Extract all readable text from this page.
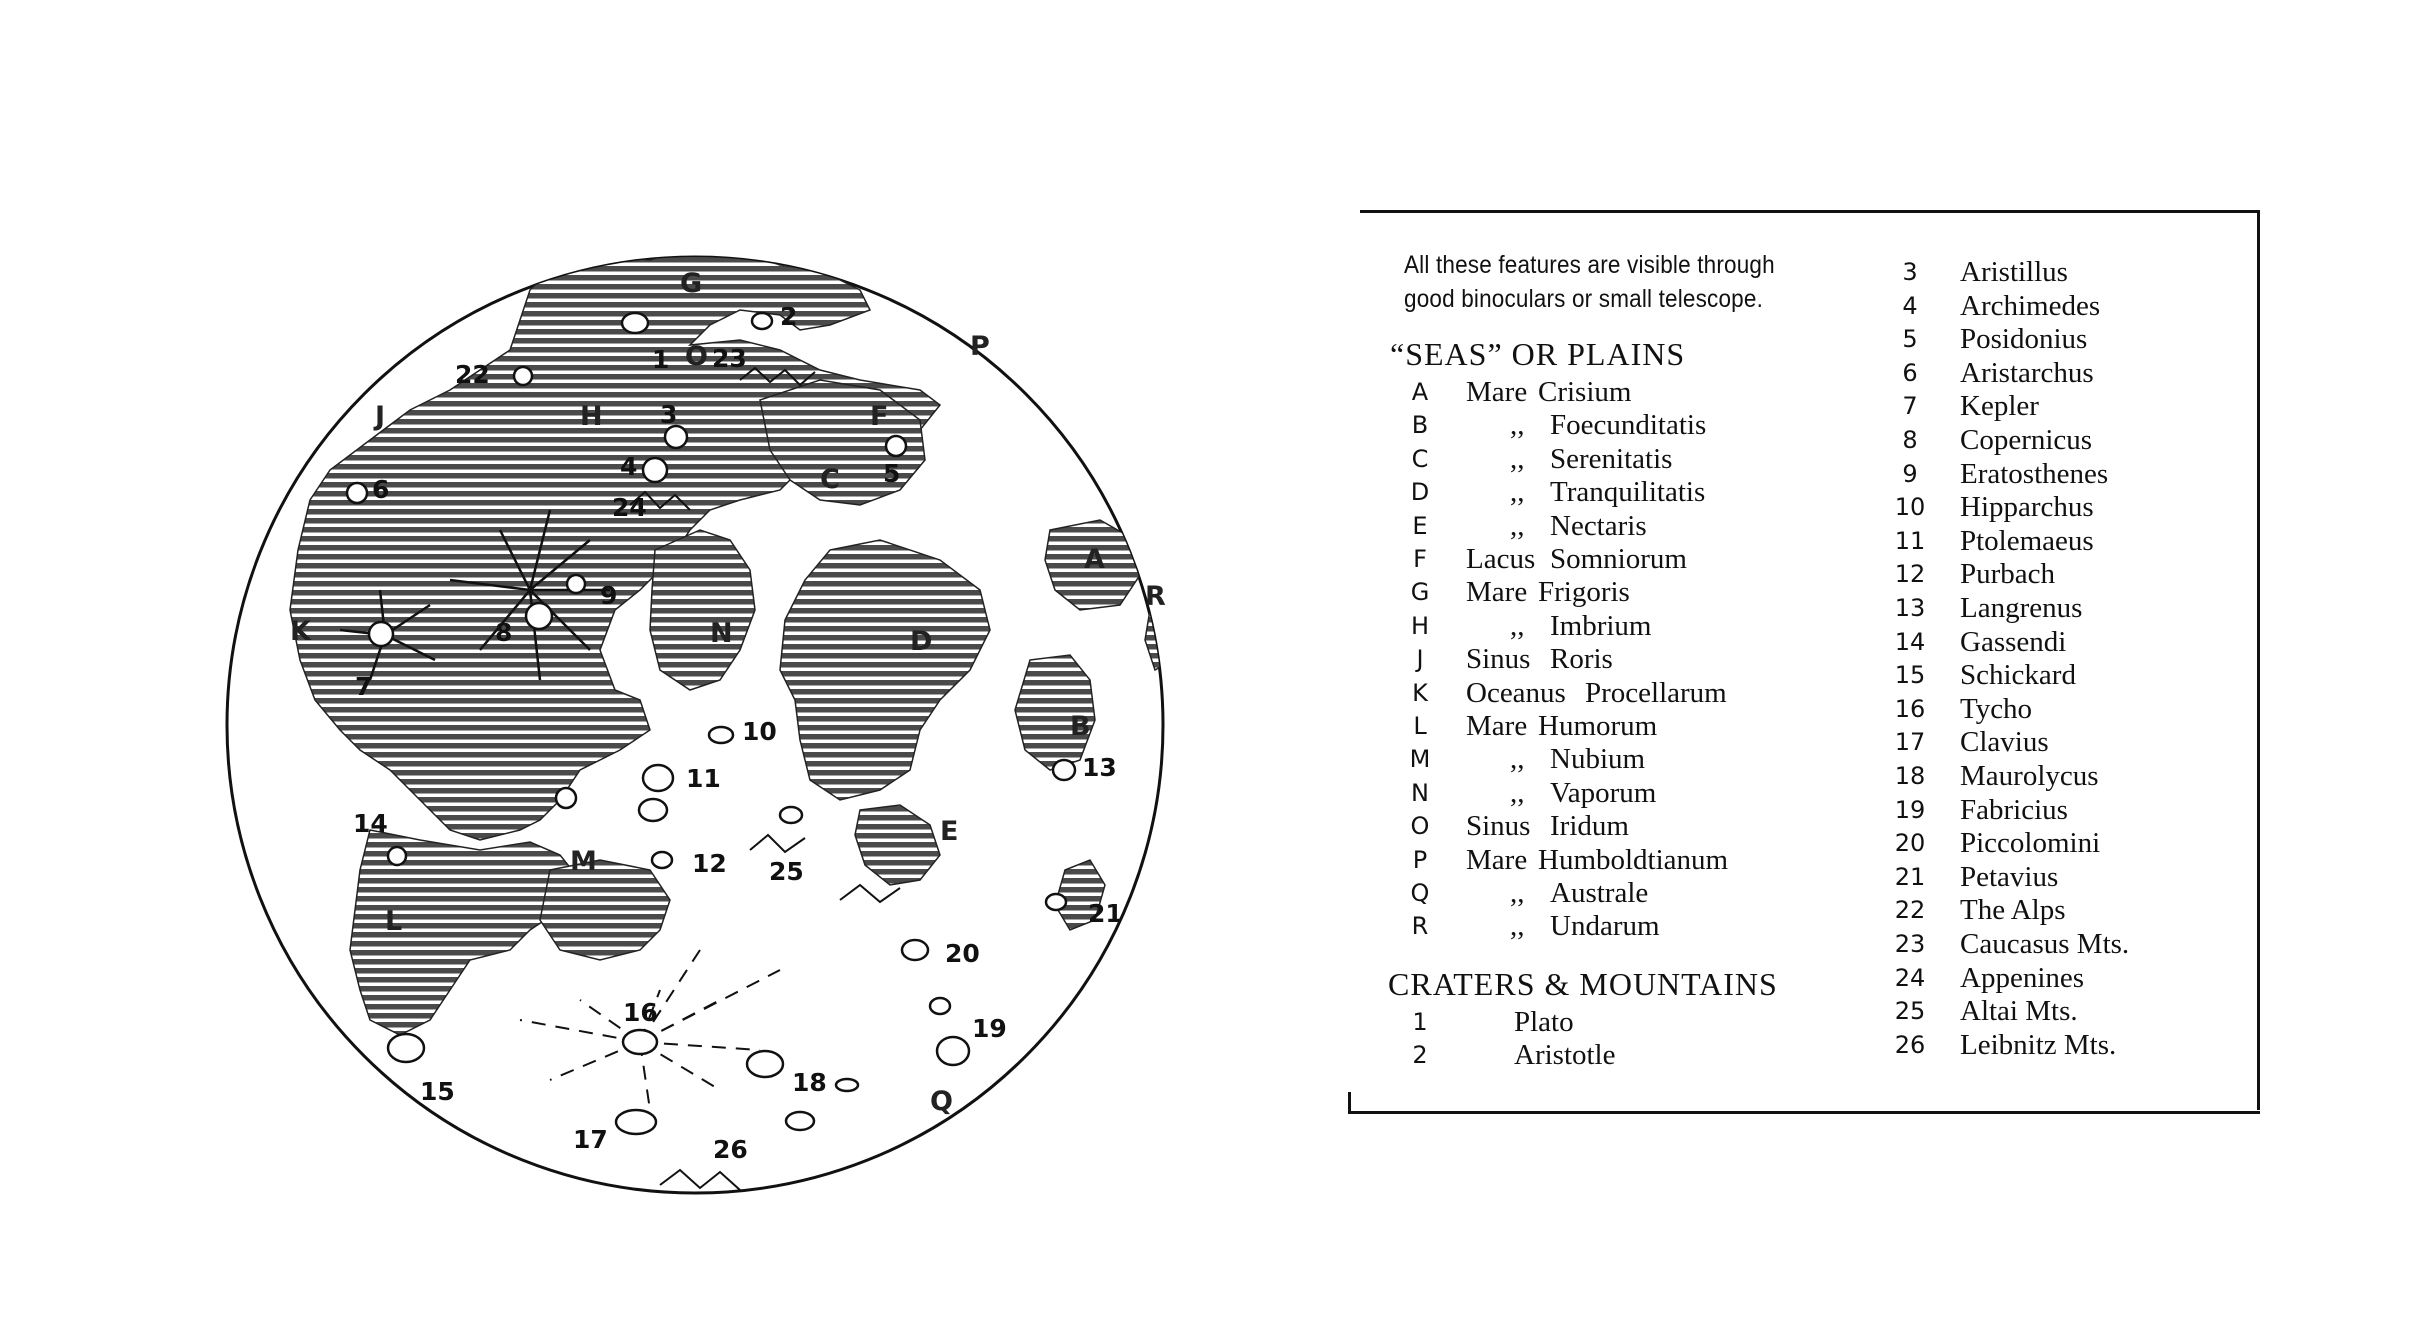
A
B
C
D
E
F
G
H
J
K
L
M
N
O	P
Q
R
1
2
3
4	5
6
7
8
9
10
11
12
13
14
15
16
17
18
19
20
21
22
23
24
25
26
All these features are visible through
good binoculars or small telescope.
“SEAS” OR PLAINS
A	Mare Crisium
B	,, Foecunditatis
C	,, Serenitatis
D	,, Tranquilitatis
E	,, Nectaris
F	Lacus Somniorum
G	Mare Frigoris
H	,, Imbrium
J	Sinus Roris
K	Oceanus Procellarum
L	Mare Humorum
M	,, Nubium
N	,, Vaporum
O	Sinus Iridum
P	Mare Humboldtianum
Q	,, Australe
R	,, Undarum
CRATERS & MOUNTAINS
1	Plato
2	Aristotle
3	Aristillus
4	Archimedes
5	Posidonius
6	Aristarchus
7	Kepler
8	Copernicus
9	Eratosthenes
10 Hipparchus
11 Ptolemaeus
12 Purbach
13 Langrenus
14 Gassendi
15 Schickard
16 Tycho
17 Clavius
18 Maurolycus
19 Fabricius
20 Piccolomini
21 Petavius
22 The Alps
23 Caucasus Mts.
24 Appenines
25 Altai Mts.
26 Leibnitz Mts.
